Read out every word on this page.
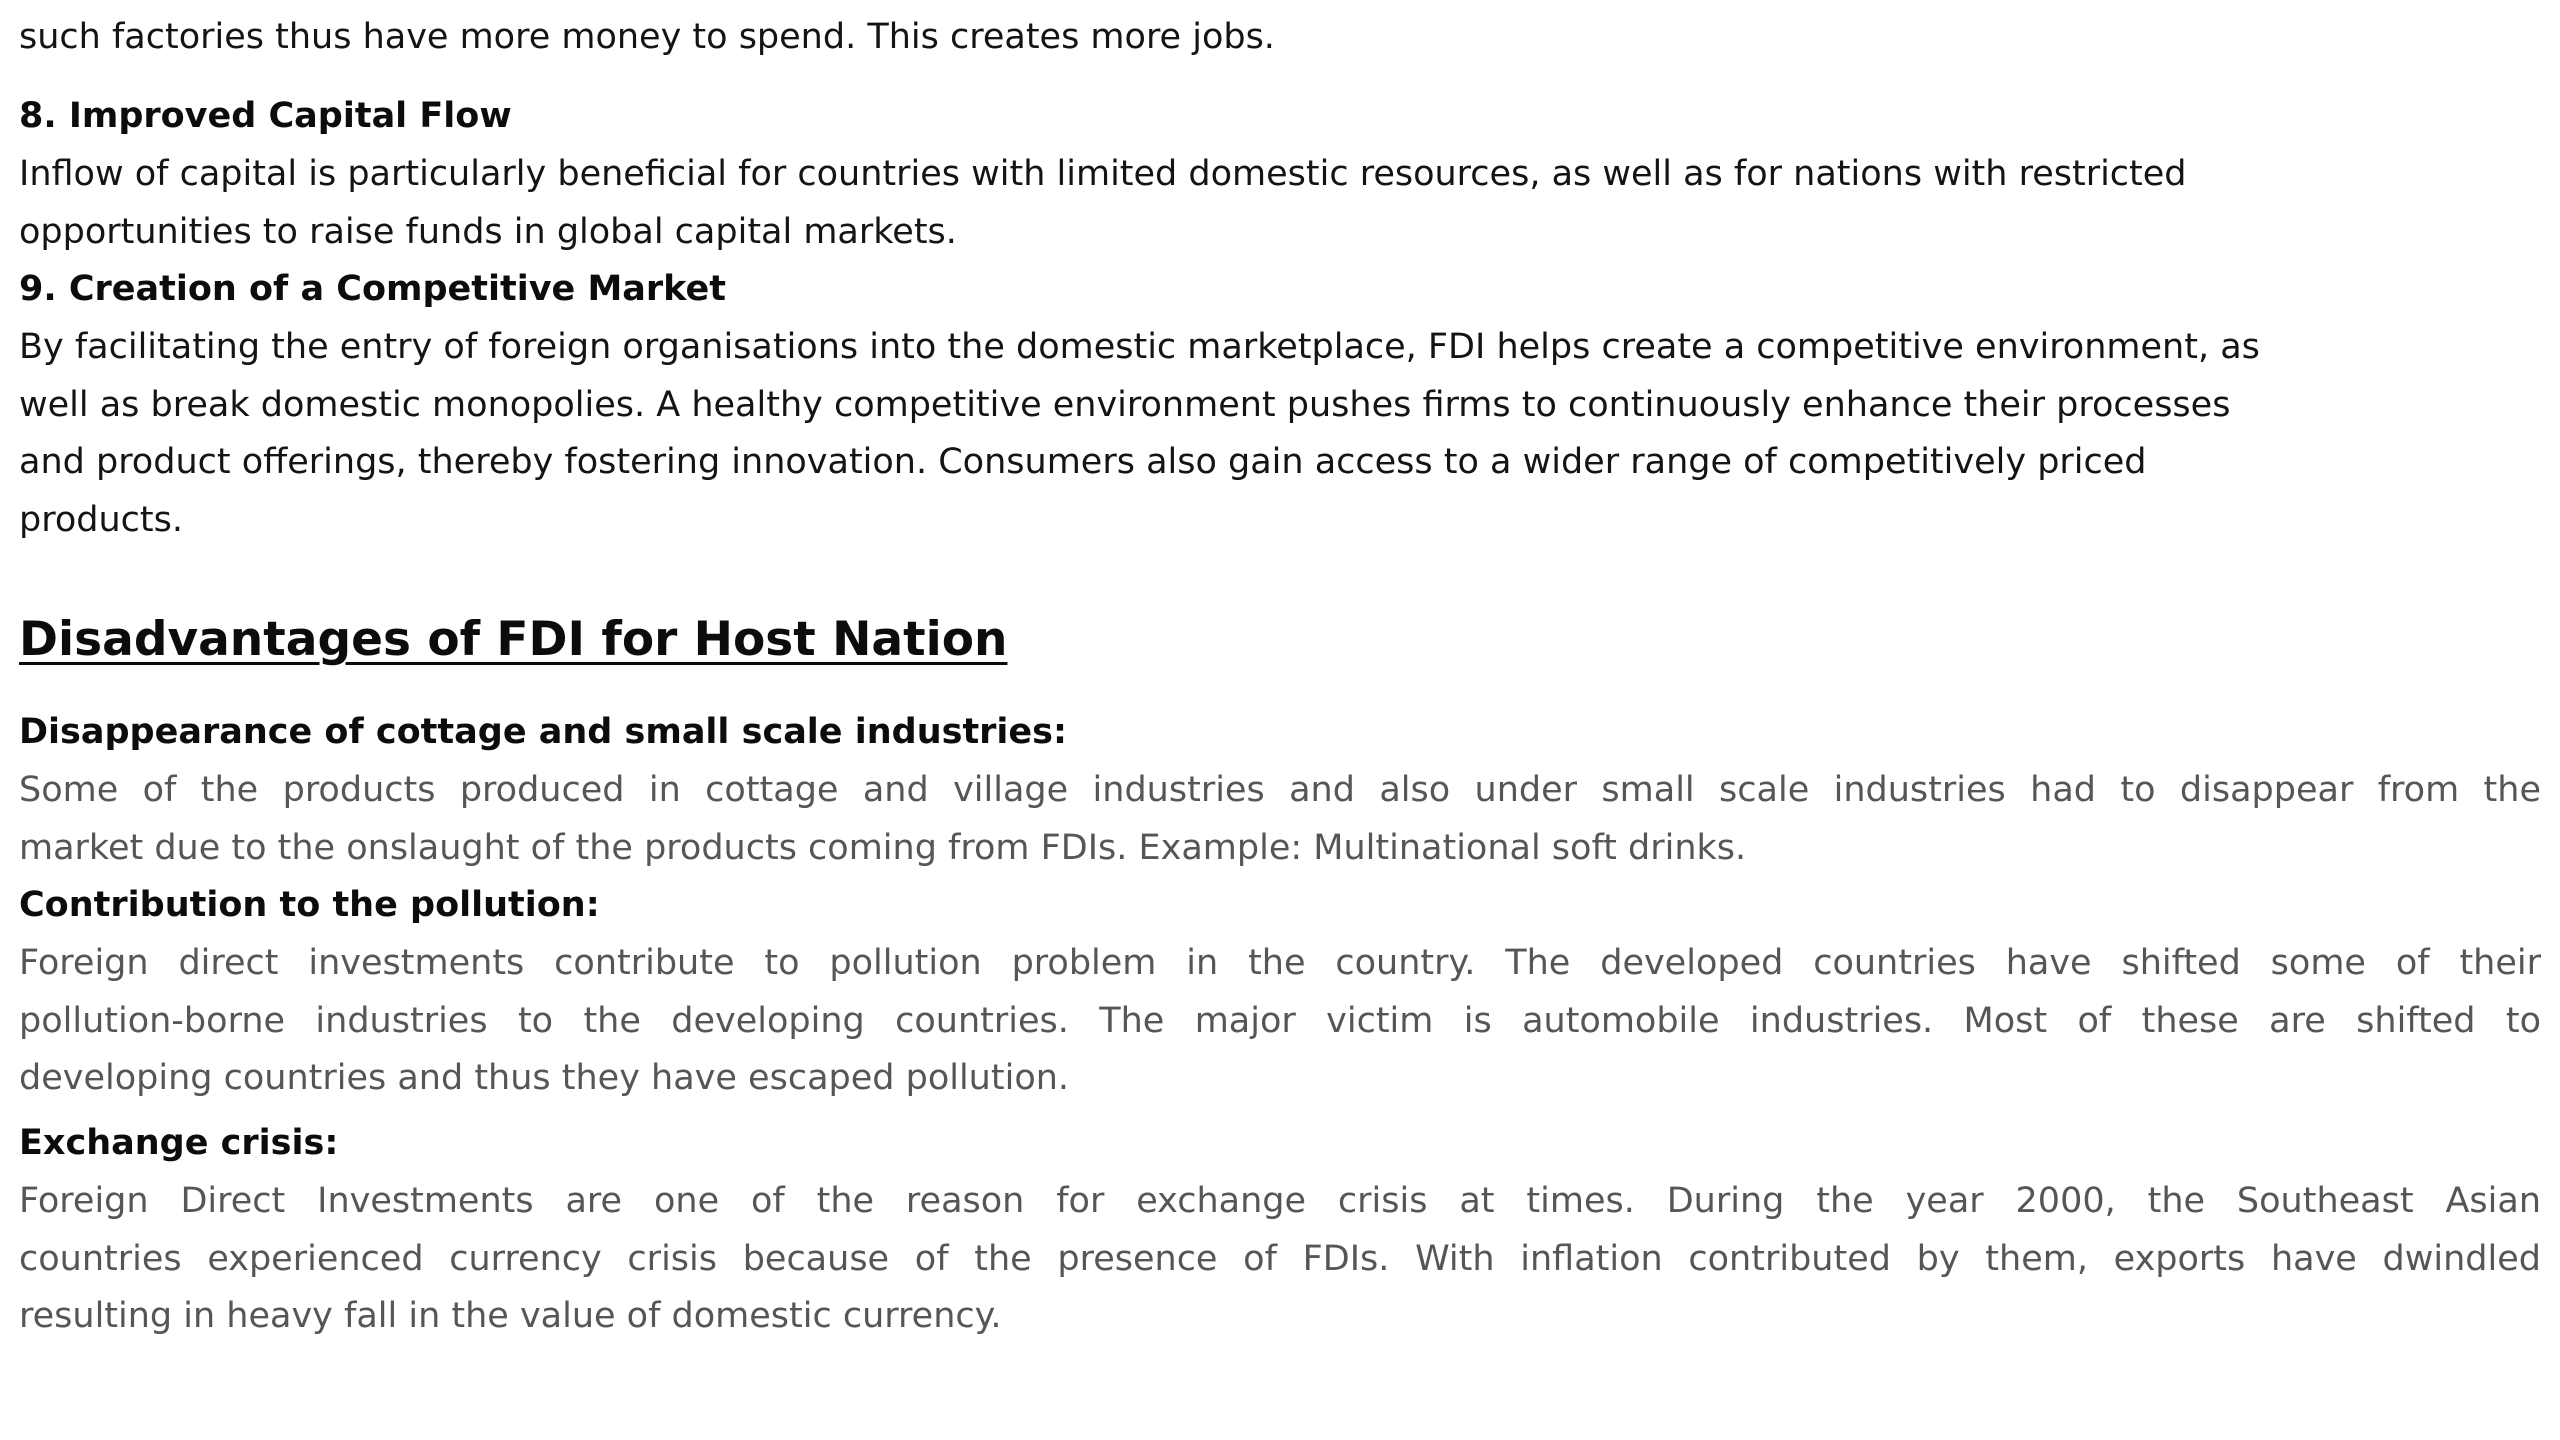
such factories thus have more money to spend. This creates more jobs.

8. Improved Capital Flow

Inflow of capital is particularly beneficial for countries with limited domestic resources, as well as for nations with restricted
opportunities to raise funds in global capital markets.

9. Creation of a Competitive Market

By facilitating the entry of foreign organisations into the domestic marketplace, FDI helps create a competitive environment, as
well as break domestic monopolies. A healthy competitive environment pushes firms to continuously enhance their processes
and product offerings, thereby fostering innovation. Consumers also gain access to a wider range of competitively priced
products.

Disadvantages of FDI for Host Nation
Disappearance of cottage and small scale industries:

Some of the products produced in cottage and village industries and also under small scale industries had to disappear from the
market due to the onslaught of the products coming from FDIs. Example: Multinational soft drinks.

Contribution to the pollution:

Foreign direct investments contribute to pollution problem in the country. The developed countries have shifted some of their
pollution-borne industries to the developing countries. The major victim is automobile industries. Most of these are shifted to
developing countries and thus they have escaped pollution.

Exchange crisis:

Foreign Direct Investments are one of the reason for exchange crisis at times. During the year 2000, the Southeast Asian
countries experienced currency crisis because of the presence of FDIs. With inflation contributed by them, exports have dwindled
resulting in heavy fall in the value of domestic currency.
